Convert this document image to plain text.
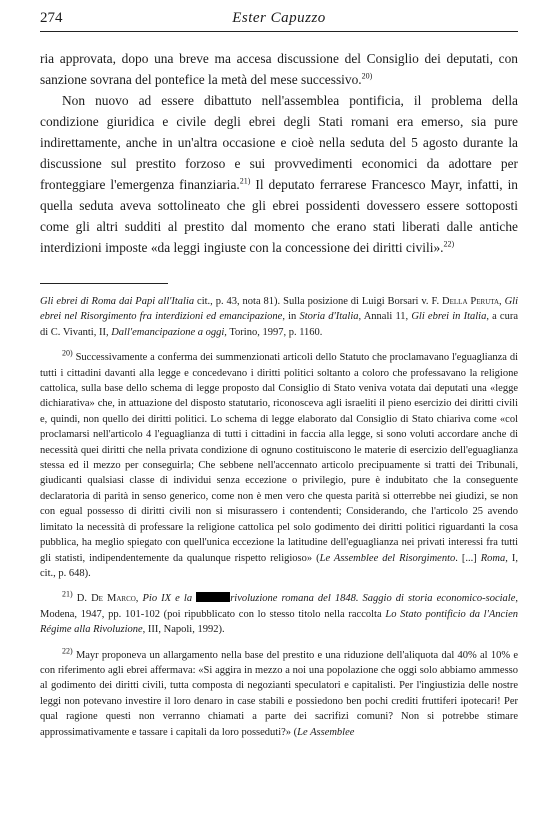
274	Ester Capuzzo

ria approvata, dopo una breve ma accesa discussione del Consiglio dei deputati, con sanzione sovrana del pontefice la metà del mese successivo.$^{20)}$

Non nuovo ad essere dibattuto nell'assemblea pontificia, il problema della condizione giuridica e civile degli ebrei degli Stati romani era emerso, sia pure indirettamente, anche in un'altra occasione e cioè nella seduta del 5 agosto durante la discussione sul prestito forzoso e sui provvedimenti economici da adottare per fronteggiare l'emergenza finanziaria.$^{21)}$ Il deputato ferrarese Francesco Mayr, infatti, in quella seduta aveva sottolineato che gli ebrei possidenti dovessero essere sottoposti come gli altri sudditi al prestito dal momento che erano stati liberati dalle antiche interdizioni imposte «da leggi ingiuste con la concessione dei diritti civili».$^{22)}$

Gli ebrei di Roma dai Papi all'Italia cit., p. 43, nota 81). Sulla posizione di Luigi Borsari v. F. Della Peruta, Gli ebrei nel Risorgimento fra interdizioni ed emancipazione, in Storia d'Italia, Annali 11, Gli ebrei in Italia, a cura di C. Vivanti, II, Dall'emancipazione a oggi, Torino, 1997, p. 1160.

$^{20)}$ Successivamente a conferma dei summenzionati articoli dello Statuto che proclamavano l'eguaglianza di tutti i cittadini davanti alla legge e concedevano i diritti politici soltanto a coloro che professavano la religione cattolica, sulla base dello schema di legge proposto dal Consiglio di Stato veniva votata dai deputati una «legge dichiarativa» che, in attuazione del disposto statutario, riconosceva agli israeliti il pieno esercizio dei diritti civili e, quindi, non quello dei diritti politici. Lo schema di legge elaborato dal Consiglio di Stato chiariva come «col proclamarsi nell'articolo 4 l'eguaglianza di tutti i cittadini in faccia alla legge, si sono voluti accordare anche di necessità quei diritti che nella privata condizione di ognuno costituiscono le materie di esercizio dell'eguaglianza stessa ed il mezzo per conseguirla; Che sebbene nell'accennato articolo precipuamente si tratti dei Tribunali, giudicanti qualsiasi classe di individui senza eccezione o privilegio, pure è indubitato che la conseguente declaratoria di parità in senso generico, come non è men vero che questa parità si otterrebbe nei giudizi, se non con egual possesso di diritti civili non si misurassero i contendenti; Considerando, che l'articolo 25 avendo limitato la necessità di professare la religione cattolica pel solo godimento dei diritti politici riguardanti la cosa pubblica, ha meglio spiegato con quell'unica eccezione la latitudine dell'eguaglianza nei privati interessi fra tutti gli statisti, indipendentemente da qualunque rispetto religioso» (Le Assemblee del Risorgimento. [...] Roma, I, cit., p. 648).

$^{21)}$ D. De Marco, Pio IX e la	rivoluzione romana del 1848. Saggio di storia economico-sociale, Modena, 1947, pp. 101-102 (poi ripubblicato con lo stesso titolo nella raccolta Lo Stato pontificio da l'Ancien Régime alla Rivoluzione, III, Napoli, 1992).

$^{22)}$ Mayr proponeva un allargamento nella base del prestito e una riduzione dell'aliquota dal 40% al 10% e con riferimento agli ebrei affermava: «Si aggira in mezzo a noi una popolazione che oggi solo abbiamo ammesso al godimento dei diritti civili, tutta composta di negozianti speculatori e capitalisti. Per l'ingiustizia delle nostre leggi non potevano investire il loro denaro in case stabili e possiedono ben pochi crediti fruttiferi ipotecari! Per qual ragione questi non verranno chiamati a parte dei sacrifizi comuni? Non si potrebbe stimare approssimativamente e tassare i capitali da loro posseduti?» (Le Assemblee
